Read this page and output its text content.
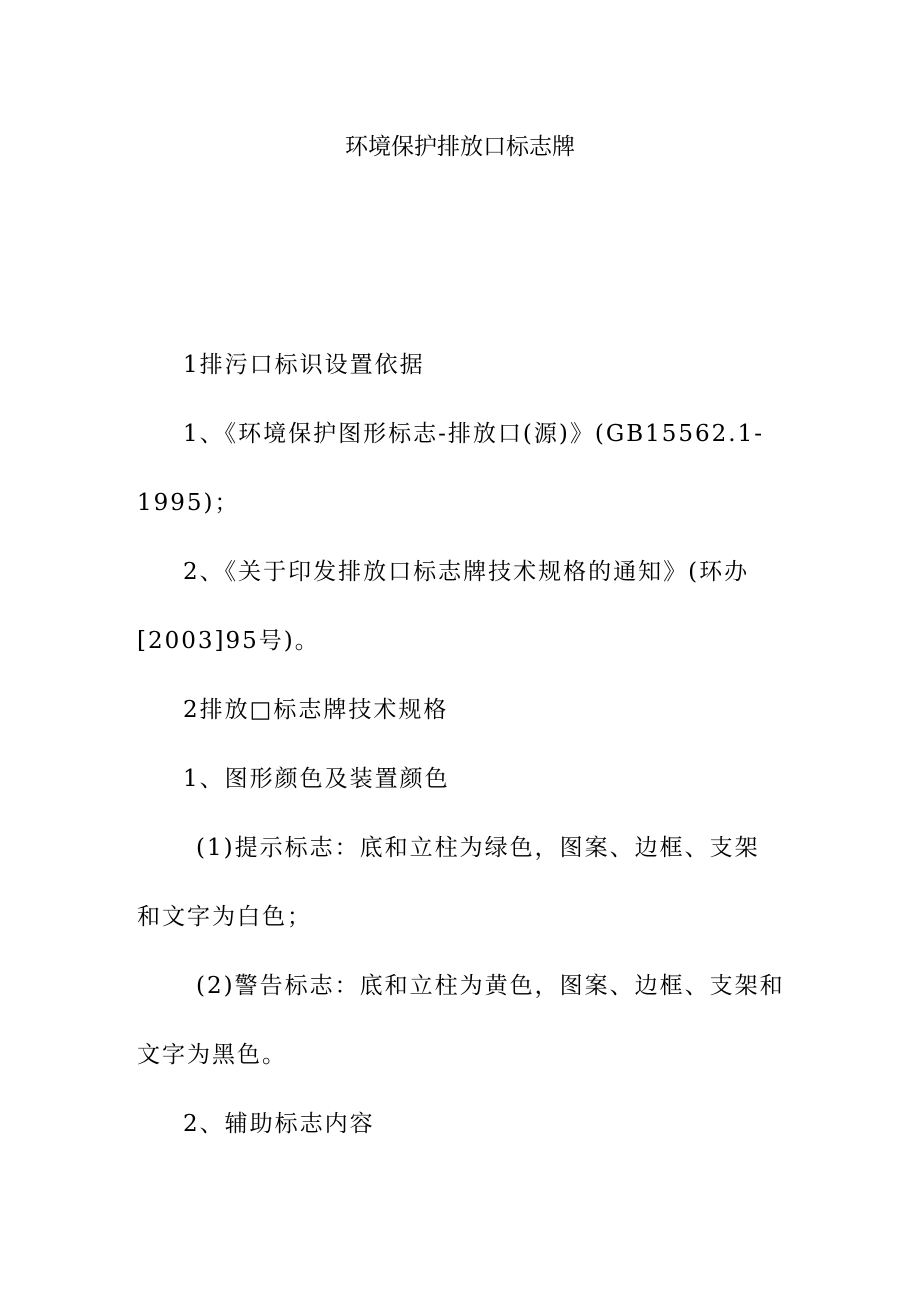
环境保护排放口标志牌

1排污口标识设置依据

1、《环境保护图形标志-排放口(源)》(GB15562.1-

1995)；

2、《关于印发排放口标志牌技术规格的通知》(环办

[2003]95号)。

2排放□标志牌技术规格

1、图形颜色及装置颜色

(1)提示标志：底和立柱为绿色，图案、边框、支架

和文字为白色；

(2)警告标志：底和立柱为黄色，图案、边框、支架和

文字为黑色。

2、辅助标志内容
